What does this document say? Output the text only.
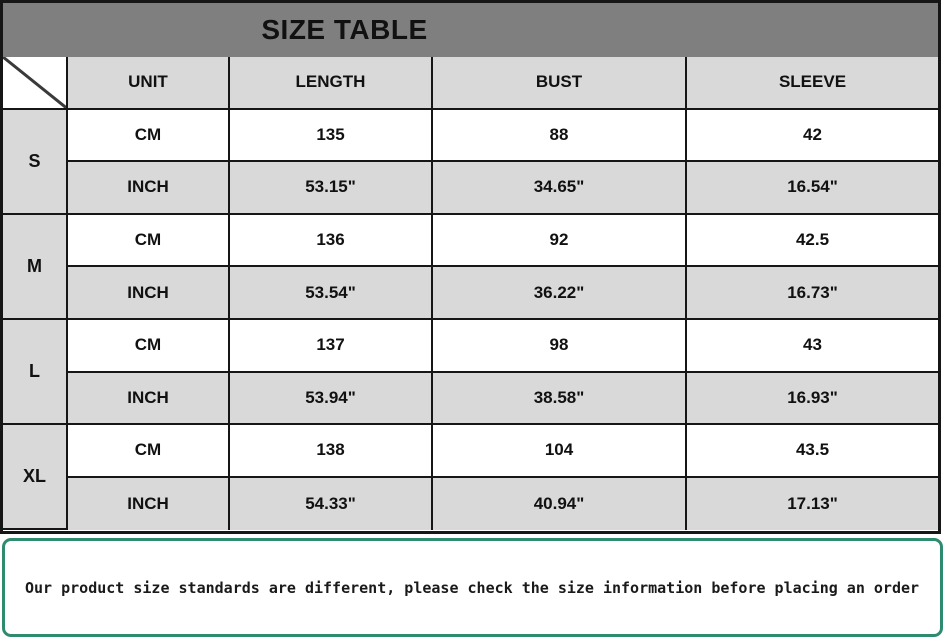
SIZE TABLE
UNIT	LENGTH	BUST	SLEEVE
S
CM	135	88	42
INCH	53.15"	34.65"	16.54"
M
CM	136	92	42.5
INCH	53.54"	36.22"	16.73"
L
CM	137	98	43
INCH	53.94"	38.58"	16.93"
XL
CM	138	104	43.5
INCH	54.33"	40.94"	17.13"
Our product size standards are different, please check the size information before placing an order
